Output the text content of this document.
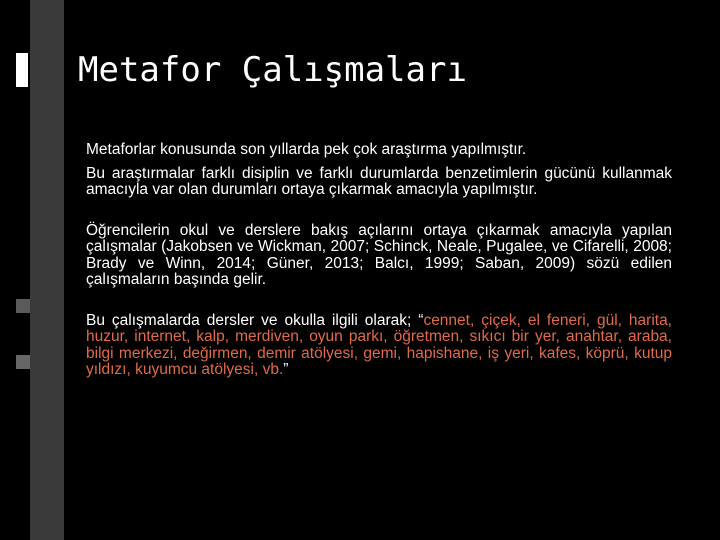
Metafor Çalışmaları

Metaforlar konusunda son yıllarda pek çok araştırma yapılmıştır.

Bu araştırmalar farklı disiplin ve farklı durumlarda benzetimlerin gücünü kullanmak amacıyla var olan durumları ortaya çıkarmak amacıyla yapılmıştır.

Öğrencilerin okul ve derslere bakış açılarını ortaya çıkarmak amacıyla yapılan çalışmalar (Jakobsen ve Wickman, 2007; Schinck, Neale, Pugalee, ve Cifarelli, 2008; Brady ve Winn, 2014; Güner, 2013; Balcı, 1999; Saban, 2009) sözü edilen çalışmaların başında gelir.

Bu çalışmalarda dersler ve okulla ilgili olarak; “cennet, çiçek, el feneri, gül, harita, huzur, internet, kalp, merdiven, oyun parkı, öğretmen, sıkıcı bir yer, anahtar, araba, bilgi merkezi, değirmen, demir atölyesi, gemi, hapishane, iş yeri, kafes, köprü, kutup yıldızı, kuyumcu atölyesi, vb.”
